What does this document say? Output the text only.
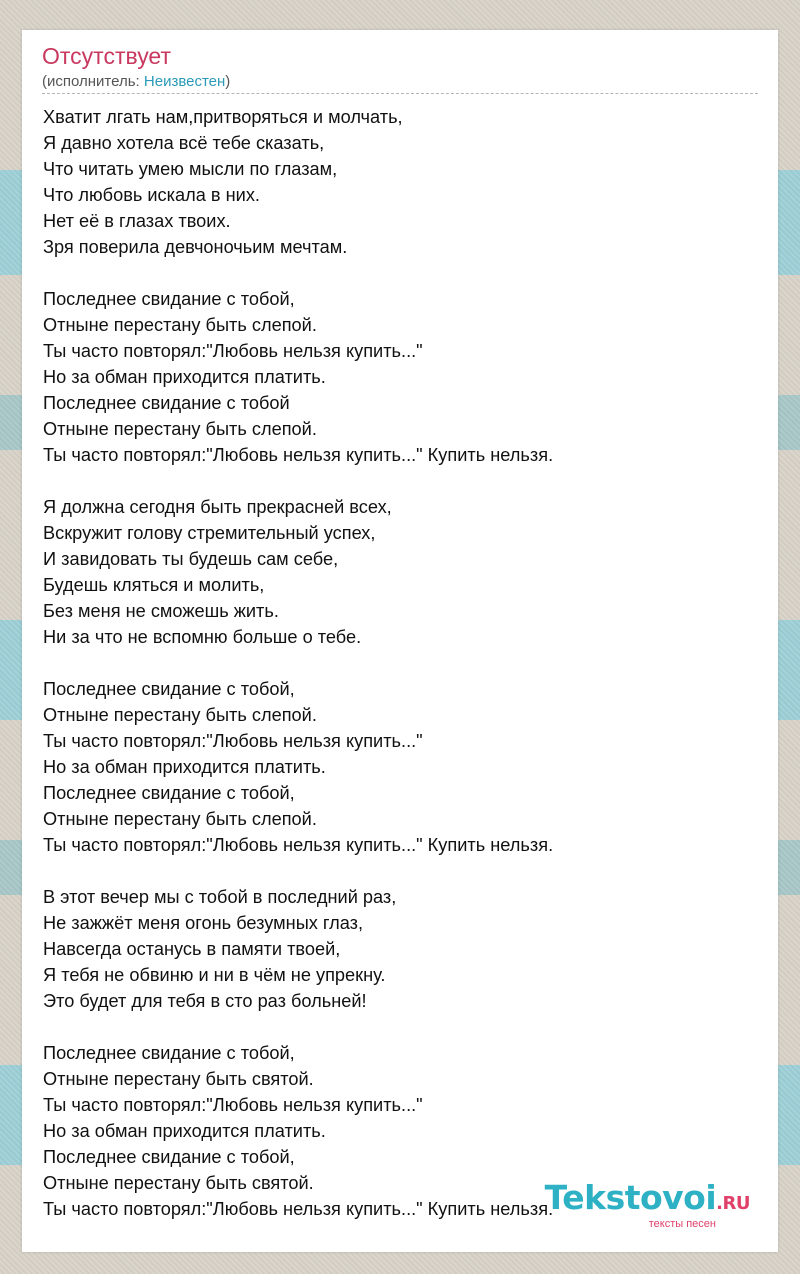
Отсутствует
(исполнитель: Неизвестен)
Хватит лгать нам,притворяться и молчать,
Я давно хотела всё тебе сказать,
Что читать умею мысли по глазам,
Что любовь искала в них.
Нет её в глазах твоих.
Зря поверила девчоночьим мечтам.
Последнее свидание с тобой,
Отныне перестану быть слепой.
Ты часто повторял:"Любовь нельзя купить..."
Но за обман приходится платить.
Последнее свидание с тобой
Отныне перестану быть слепой.
Ты часто повторял:"Любовь нельзя купить..." Купить нельзя.
Я должна сегодня быть прекрасней всех,
Вскружит голову стремительный успех,
И завидовать ты будешь сам себе,
Будешь кляться и молить,
Без меня не сможешь жить.
Ни за что не вспомню больше о тебе.
Последнее свидание с тобой,
Отныне перестану быть слепой.
Ты часто повторял:"Любовь нельзя купить..."
Но за обман приходится платить.
Последнее свидание с тобой,
Отныне перестану быть слепой.
Ты часто повторял:"Любовь нельзя купить..." Купить нельзя.
В этот вечер мы с тобой в последний раз,
Не зажжёт меня огонь безумных глаз,
Навсегда останусь в памяти твоей,
Я тебя не обвиню и ни в чём не упрекну.
Это будет для тебя в сто раз больней!
Последнее свидание с тобой,
Отныне перестану быть святой.
Ты часто повторял:"Любовь нельзя купить..."
Но за обман приходится платить.
Последнее свидание с тобой,
Отныне перестану быть святой.
Ты часто повторял:"Любовь нельзя купить..." Купить нельзя.
Tekstovoi.RU
тексты песен
